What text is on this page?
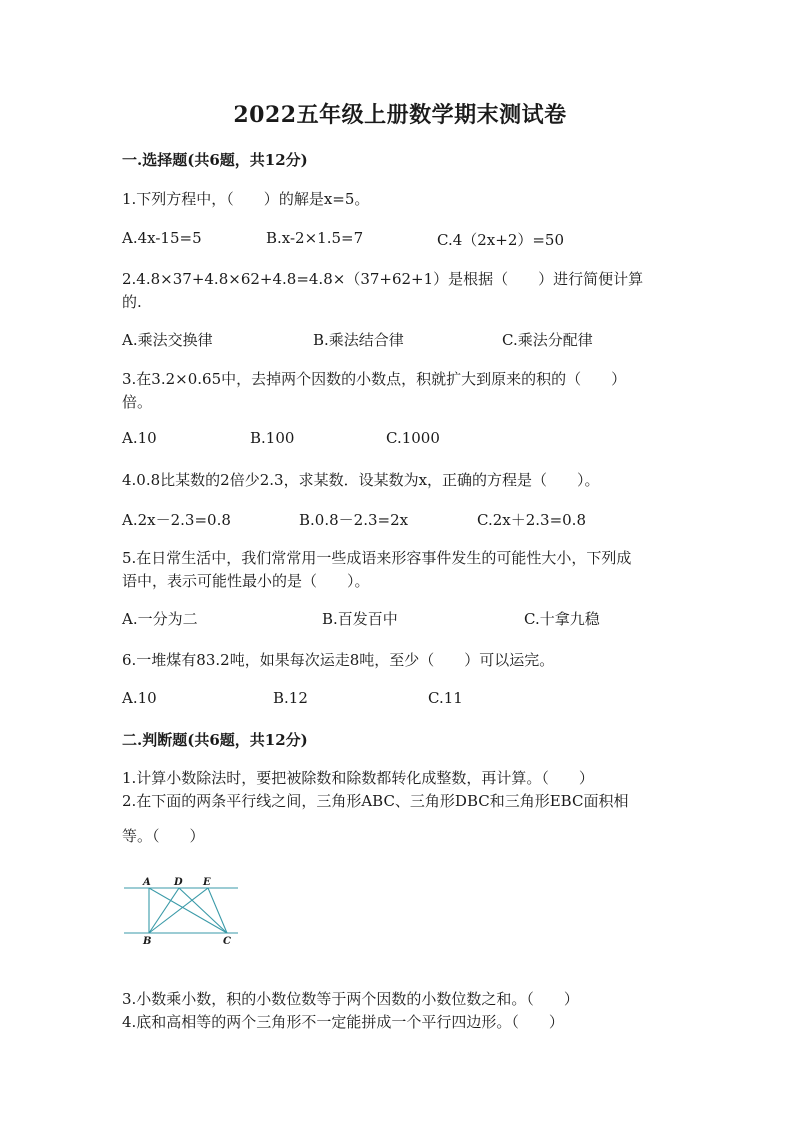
2022五年级上册数学期末测试卷
一.选择题(共6题，共12分)
1.下列方程中，（　　）的解是x=5。
A.4x-15=5	B.x-2×1.5=7	C.4（2x+2）=50
2.4.8×37+4.8×62+4.8=4.8×（37+62+1）是根据（　　）进行简便计算
的.
A.乘法交换律	B.乘法结合律	C.乘法分配律
3.在3.2×0.65中，去掉两个因数的小数点，积就扩大到原来的积的（　　）
倍。
A.10	B.100	C.1000
4.0.8比某数的2倍少2.3，求某数．设某数为x，正确的方程是（　　）。
A.2x－2.3=0.8	B.0.8－2.3=2x	C.2x＋2.3=0.8
5.在日常生活中，我们常常用一些成语来形容事件发生的可能性大小，下列成
语中，表示可能性最小的是（　　）。
A.一分为二	B.百发百中	C.十拿九稳
6.一堆煤有83.2吨，如果每次运走8吨，至少（　　）可以运完。
A.10	B.12	C.11
二.判断题(共6题，共12分)
1.计算小数除法时，要把被除数和除数都转化成整数，再计算。（　　）
2.在下面的两条平行线之间，三角形ABC、三角形DBC和三角形EBC面积相
等。（　　）
A D E
B	C
3.小数乘小数，积的小数位数等于两个因数的小数位数之和。（　　）
4.底和高相等的两个三角形不一定能拼成一个平行四边形。（　　）
